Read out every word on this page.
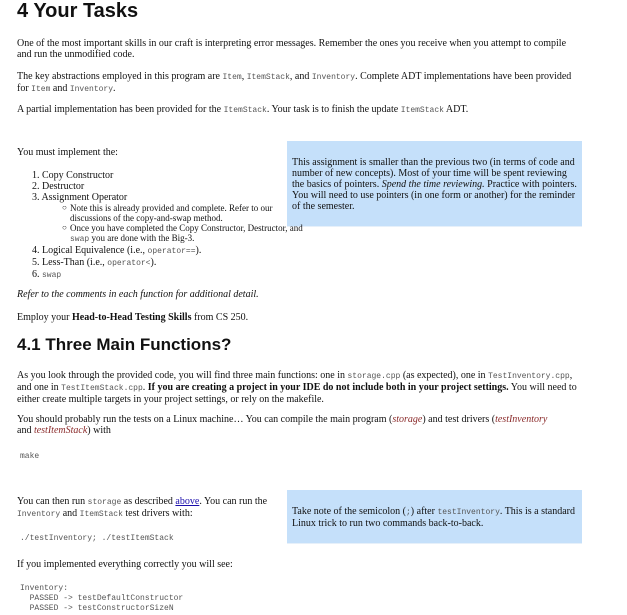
4 Your Tasks
One of the most important skills in our craft is interpreting error messages. Remember the ones you receive when you attempt to compile and run the unmodified code.
The key abstractions employed in this program are Item, ItemStack, and Inventory. Complete ADT implementations have been provided for Item and Inventory.
A partial implementation has been provided for the ItemStack. Your task is to finish the update ItemStack ADT.
You must implement the:
This assignment is smaller than the previous two (in terms of code and number of new concepts). Most of your time will be spent reviewing the basics of pointers. Spend the time reviewing. Practice with pointers. You will need to use pointers (in one form or another) for the reminder of the semester.
1. Copy Constructor
2. Destructor
3. Assignment Operator
○ Note this is already provided and complete. Refer to our discussions of the copy-and-swap method.
○ Once you have completed the Copy Constructor, Destructor, and swap you are done with the Big-3.
4. Logical Equivalence (i.e., operator==).
5. Less-Than (i.e., operator<).
6. swap
Refer to the comments in each function for additional detail.
Employ your Head-to-Head Testing Skills from CS 250.
4.1 Three Main Functions?
As you look through the provided code, you will find three main functions: one in storage.cpp (as expected), one in TestInventory.cpp, and one in TestItemStack.cpp. If you are creating a project in your IDE do not include both in your project settings. You will need to either create multiple targets in your project settings, or rely on the makefile.
You should probably run the tests on a Linux machine… You can compile the main program (storage) and test drivers (testInventory
and testItemStack) with
make
You can then run storage as described above. You can run the
Inventory and ItemStack test drivers with:	Take note of the semicolon (;) after testInventory. This is a standard Linux trick to run two commands back-to-back.
./testInventory; ./testItemStack
If you implemented everything correctly you will see:
Inventory:
PASSED -> testDefaultConstructor
PASSED -> testConstructorSizeN
